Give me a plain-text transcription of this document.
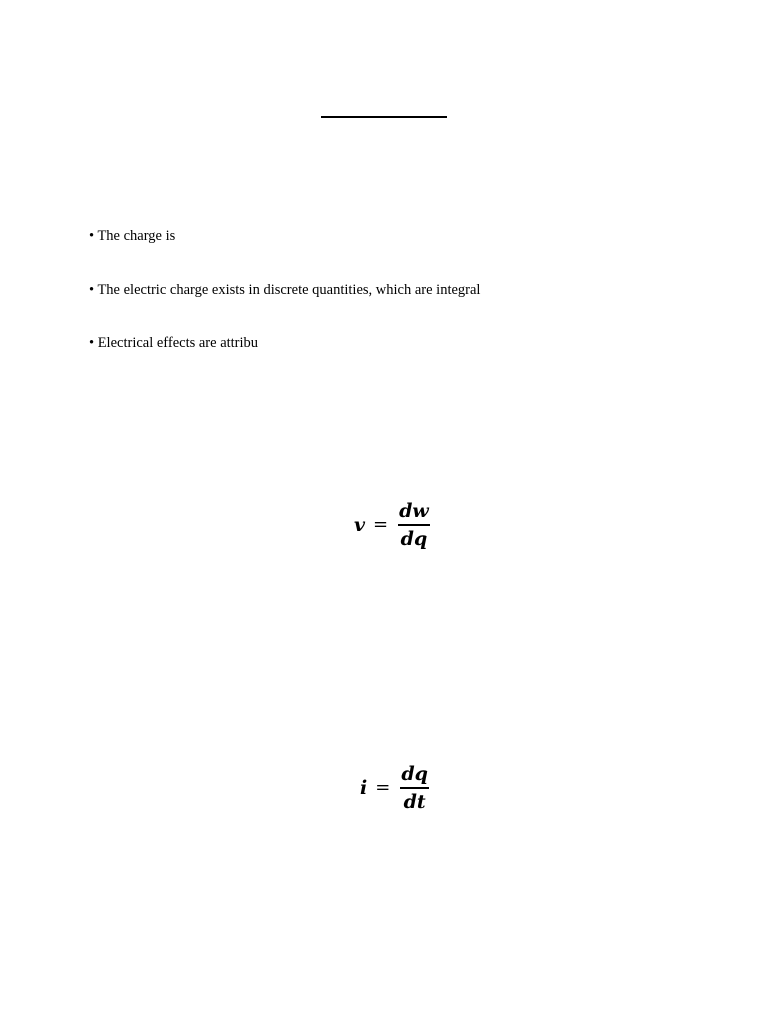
• The charge is
• The electric charge exists in discrete quantities, which are integral
• Electrical effects are attribu
$v = \frac{dw}{dq}$
$i = \frac{dq}{dt}$
